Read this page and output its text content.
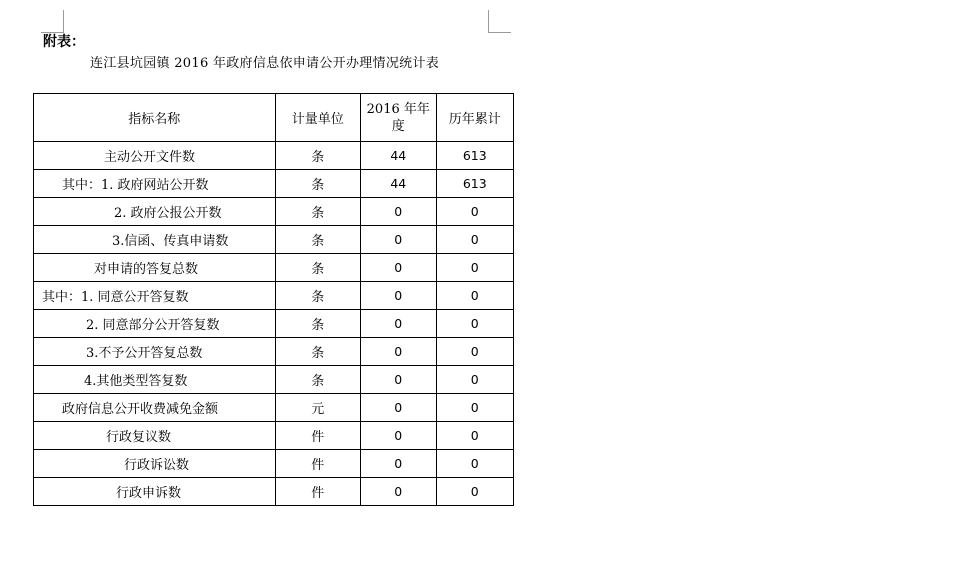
附表：
连江县坑园镇 2016 年政府信息依申请公开办理情况统计表
指标名称	计量单位	2016 年年度	历年累计
主动公开文件数	条	44	613
其中：1. 政府网站公开数	条	44	613
2. 政府公报公开数	条	0	0
3.信函、传真申请数	条	0	0
对申请的答复总数	条	0	0
其中：1. 同意公开答复数	条	0	0
2. 同意部分公开答复数	条	0	0
3.不予公开答复总数	条	0	0
4.其他类型答复数	条	0	0
政府信息公开收费减免金额	元	0	0
行政复议数	件	0	0
行政诉讼数	件	0	0
行政申诉数	件	0	0
